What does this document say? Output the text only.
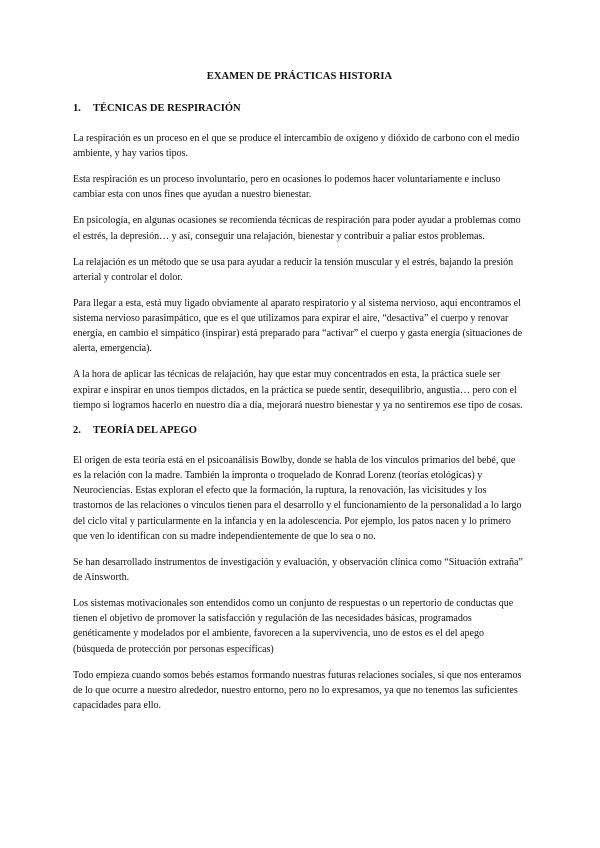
EXAMEN DE PRÁCTICAS HISTORIA
1.	TÉCNICAS DE RESPIRACIÓN

La respiración es un proceso en el que se produce el intercambio de oxígeno y dióxido de carbono con el medio ambiente, y hay varios tipos.

Esta respiración es un proceso involuntario, pero en ocasiones lo podemos hacer voluntariamente e incluso cambiar esta con unos fines que ayudan a nuestro bienestar.

En psicología, en algunas ocasiones se recomienda técnicas de respiración para poder ayudar a problemas como el estrés, la depresión… y así, conseguir una relajación, bienestar y contribuir a paliar estos problemas.

La relajación es un método que se usa para ayudar a reducir la tensión muscular y el estrés, bajando la presión arterial y controlar el dolor.

Para llegar a esta, está muy ligado obviamente al aparato respiratorio y al sistema nervioso, aquí encontramos el sistema nervioso parasimpático, que es el que utilizamos para expirar el aire, “desactiva” el cuerpo y renovar energía, en cambio el simpático (inspirar) está preparado para “activar” el cuerpo y gasta energía (situaciones de alerta, emergencia).

A la hora de aplicar las técnicas de relajación, hay que estar muy concentrados en esta, la práctica suele ser expirar e inspirar en unos tiempos dictados, en la práctica se puede sentir, desequilibrio, angustia… pero con el tiempo si logramos hacerlo en nuestro día a día, mejorará nuestro bienestar y ya no sentiremos ese tipo de cosas.

2.	TEORÍA DEL APEGO

El origen de esta teoría está en el psicoanálisis Bowlby, donde se habla de los vínculos primarios del bebé, que es la relación con la madre. También la impronta o troquelado de Konrad Lorenz (teorías etológicas) y Neurociencias. Estas exploran el efecto que la formación, la ruptura, la renovación, las vicisitudes y los trastornos de las relaciones o vínculos tienen para el desarrollo y el funcionamiento de la personalidad a lo largo del ciclo vital y particularmente en la infancia y en la adolescencia. Por ejemplo, los patos nacen y lo primero que ven lo identifican con su madre independientemente de que lo sea o no.

Se han desarrollado instrumentos de investigación y evaluación, y observación clínica como “Situación extraña” de Ainsworth.

Los sistemas motivacionales son entendidos como un conjunto de respuestas o un repertorio de conductas que tienen el objetivo de promover la satisfacción y regulación de las necesidades básicas, programados genéticamente y modelados por el ambiente, favorecen a la supervivencia, uno de estos es el del apego (búsqueda de protección por personas específicas)

Todo empieza cuando somos bebés estamos formando nuestras futuras relaciones sociales, si que nos enteramos de lo que ocurre a nuestro alrededor, nuestro entorno, pero no lo expresamos, ya que no tenemos las suficientes capacidades para ello.
